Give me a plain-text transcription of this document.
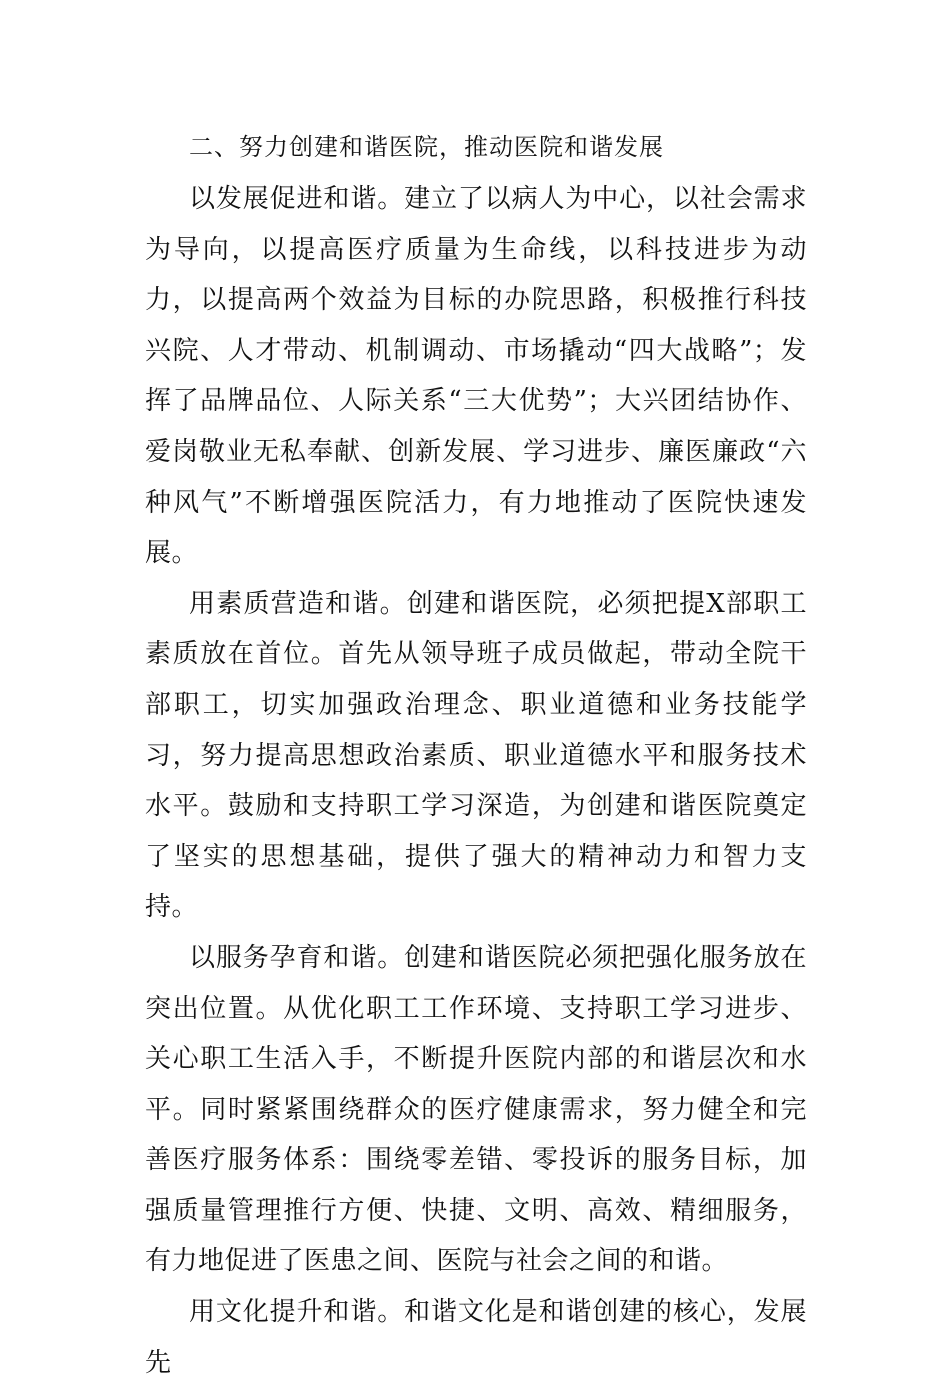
二、努力创建和谐医院，推动医院和谐发展

以发展促进和谐。建立了以病人为中心，以社会需求为导向，以提高医疗质量为生命线，以科技进步为动力，以提高两个效益为目标的办院思路，积极推行科技兴院、人才带动、机制调动、市场撬动“四大战略”；发挥了品牌品位、人际关系“三大优势”；大兴团结协作、爱岗敬业无私奉献、创新发展、学习进步、廉医廉政“六种风气”不断增强医院活力，有力地推动了医院快速发展。

用素质营造和谐。创建和谐医院，必须把提X部职工素质放在首位。首先从领导班子成员做起，带动全院干部职工，切实加强政治理念、职业道德和业务技能学习，努力提高思想政治素质、职业道德水平和服务技术水平。鼓励和支持职工学习深造，为创建和谐医院奠定了坚实的思想基础，提供了强大的精神动力和智力支持。

以服务孕育和谐。创建和谐医院必须把强化服务放在突出位置。从优化职工工作环境、支持职工学习进步、关心职工生活入手，不断提升医院内部的和谐层次和水平。同时紧紧围绕群众的医疗健康需求，努力健全和完善医疗服务体系：围绕零差错、零投诉的服务目标，加强质量管理推行方便、快捷、文明、高效、精细服务，有力地促进了医患之间、医院与社会之间的和谐。

用文化提升和谐。和谐文化是和谐创建的核心，发展先
